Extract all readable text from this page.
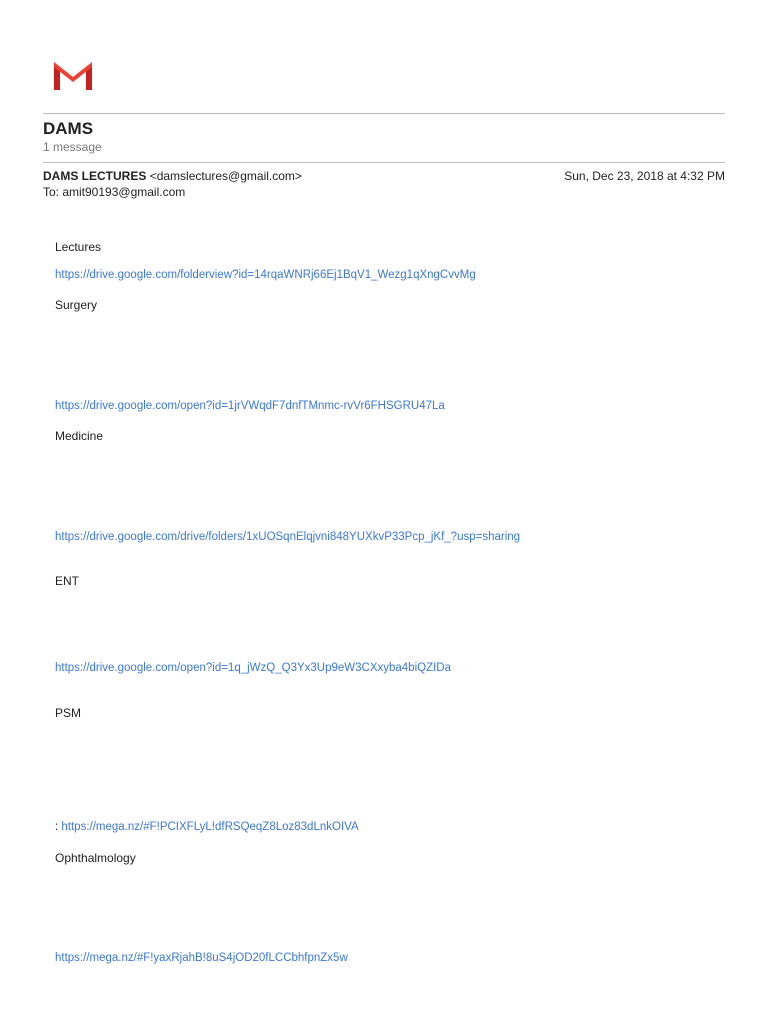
DAMS
1 message
DAMS LECTURES <damslectures@gmail.com>	Sun, Dec 23, 2018 at 4:32 PM
To: amit90193@gmail.com
Lectures
https://drive.google.com/folderview?id=14rqaWNRj66Ej1BqV1_Wezg1qXngCvvMg
Surgery
https://drive.google.com/open?id=1jrVWqdF7dnfTMnmc-rvVr6FHSGRU47La
Medicine
https://drive.google.com/drive/folders/1xUOSqnElqjvni848YUXkvP33Pcp_jKf_?usp=sharing
ENT
https://drive.google.com/open?id=1q_jWzQ_Q3Yx3Up9eW3CXxyba4biQZIDa
PSM
: https://mega.nz/#F!PCIXFLyL!dfRSQeqZ8Loz83dLnkOIVA
Ophthalmology
https://mega.nz/#F!yaxRjahB!8uS4jOD20fLCCbhfpnZx5w
